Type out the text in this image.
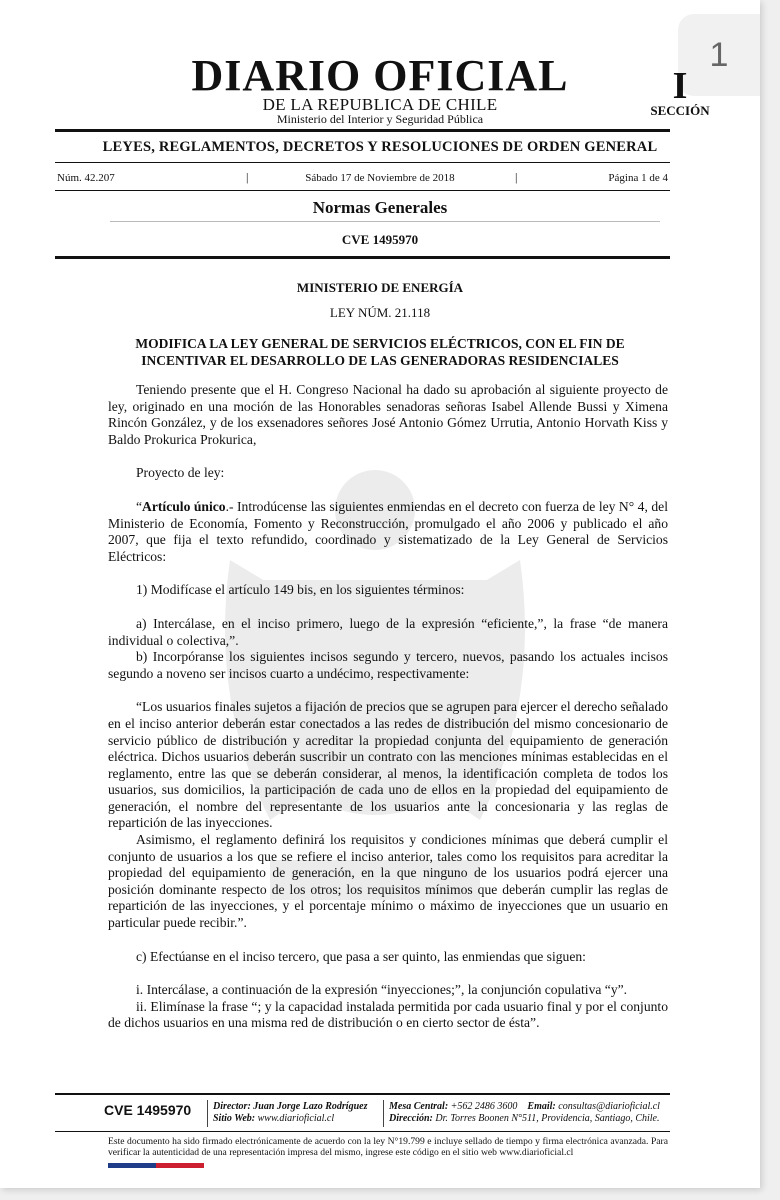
1
DIARIO OFICIAL
DE LA REPUBLICA DE CHILE
Ministerio del Interior y Seguridad Pública
I
SECCIÓN
LEYES, REGLAMENTOS, DECRETOS Y RESOLUCIONES DE ORDEN GENERAL
Núm. 42.207	|	Sábado 17 de Noviembre de 2018	|	Página 1 de 4
Normas Generales
CVE 1495970
MINISTERIO DE ENERGÍA
LEY NÚM. 21.118
MODIFICA LA LEY GENERAL DE SERVICIOS ELÉCTRICOS, CON EL FIN DE INCENTIVAR EL DESARROLLO DE LAS GENERADORAS RESIDENCIALES

Teniendo presente que el H. Congreso Nacional ha dado su aprobación al siguiente proyecto de ley, originado en una moción de las Honorables senadoras señoras Isabel Allende Bussi y Ximena Rincón González, y de los exsenadores señores José Antonio Gómez Urrutia, Antonio Horvath Kiss y Baldo Prokurica Prokurica,

Proyecto de ley:

“Artículo único.- Introdúcense las siguientes enmiendas en el decreto con fuerza de ley N° 4, del Ministerio de Economía, Fomento y Reconstrucción, promulgado el año 2006 y publicado el año 2007, que fija el texto refundido, coordinado y sistematizado de la Ley General de Servicios Eléctricos:

1) Modifícase el artículo 149 bis, en los siguientes términos:

a) Intercálase, en el inciso primero, luego de la expresión “eficiente,”, la frase “de manera individual o colectiva,”.

b) Incorpóranse los siguientes incisos segundo y tercero, nuevos, pasando los actuales incisos segundo a noveno ser incisos cuarto a undécimo, respectivamente:

“Los usuarios finales sujetos a fijación de precios que se agrupen para ejercer el derecho señalado en el inciso anterior deberán estar conectados a las redes de distribución del mismo concesionario de servicio público de distribución y acreditar la propiedad conjunta del equipamiento de generación eléctrica. Dichos usuarios deberán suscribir un contrato con las menciones mínimas establecidas en el reglamento, entre las que se deberán considerar, al menos, la identificación completa de todos los usuarios, sus domicilios, la participación de cada uno de ellos en la propiedad del equipamiento de generación, el nombre del representante de los usuarios ante la concesionaria y las reglas de repartición de las inyecciones.

Asimismo, el reglamento definirá los requisitos y condiciones mínimas que deberá cumplir el conjunto de usuarios a los que se refiere el inciso anterior, tales como los requisitos para acreditar la propiedad del equipamiento de generación, en la que ninguno de los usuarios podrá ejercer una posición dominante respecto de los otros; los requisitos mínimos que deberán cumplir las reglas de repartición de las inyecciones, y el porcentaje mínimo o máximo de inyecciones que un usuario en particular puede recibir.”.

c) Efectúanse en el inciso tercero, que pasa a ser quinto, las enmiendas que siguen:

i. Intercálase, a continuación de la expresión “inyecciones;”, la conjunción copulativa “y”.

ii. Elimínase la frase “; y la capacidad instalada permitida por cada usuario final y por el conjunto de dichos usuarios en una misma red de distribución o en cierto sector de ésta”.

CVE 1495970 Director: Juan Jorge Lazo Rodríguez
Sitio Web: www.diarioficial.cl
Mesa Central: +562 2486 3600 Email: consultas@diarioficial.cl
Dirección: Dr. Torres Boonen N°511, Providencia, Santiago, Chile.
Este documento ha sido firmado electrónicamente de acuerdo con la ley N°19.799 e incluye sellado de tiempo y firma electrónica avanzada. Para verificar la autenticidad de una representación impresa del mismo, ingrese este código en el sitio web www.diarioficial.cl
